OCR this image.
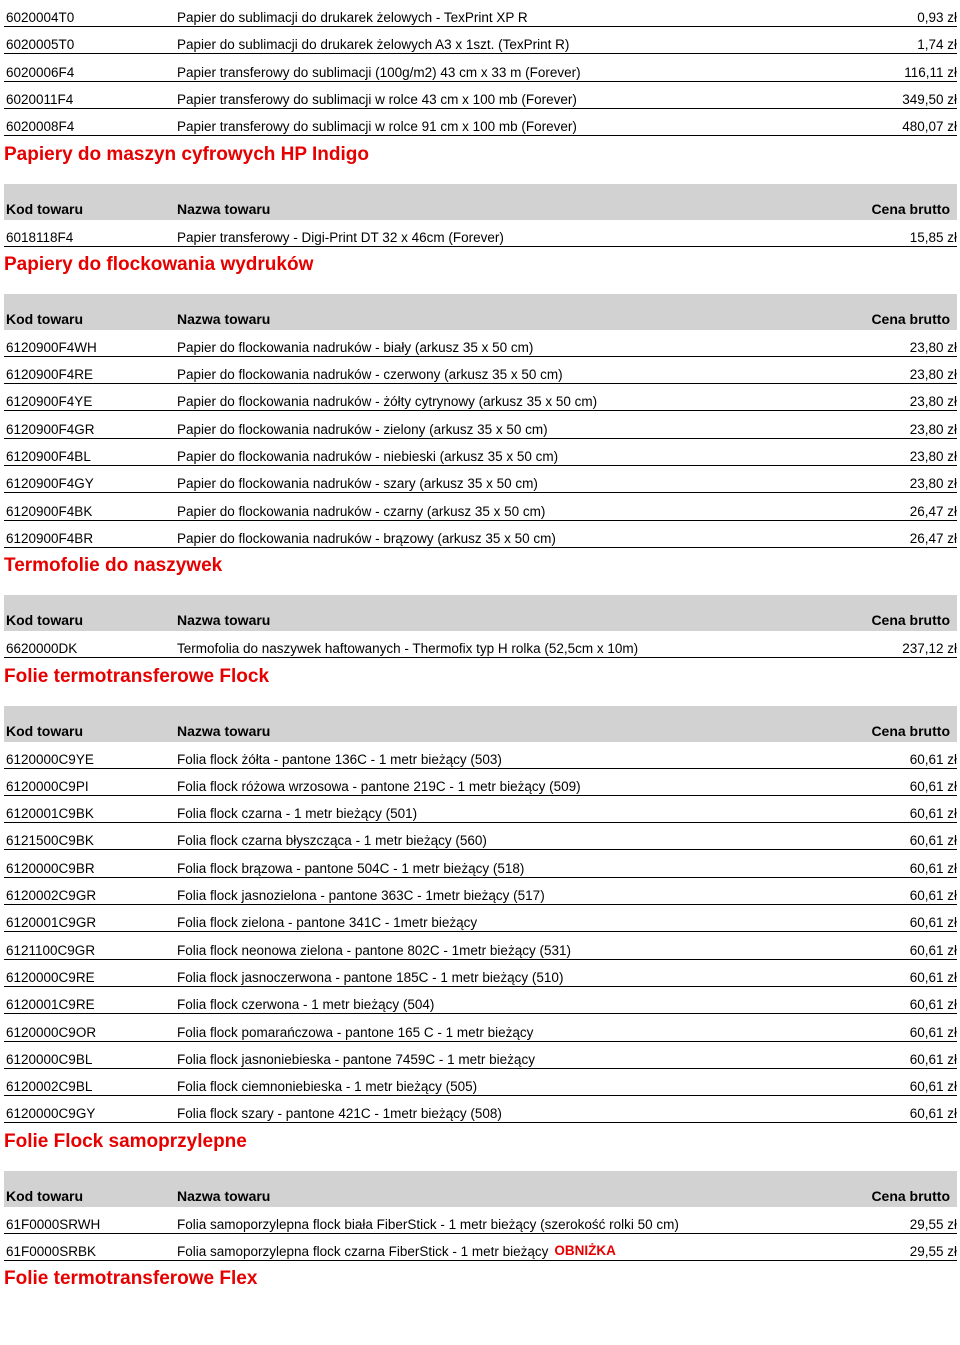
6020004T0	Papier do sublimacji do drukarek żelowych - TexPrint XP R	0,93 zł
6020005T0	Papier do sublimacji do drukarek żelowych A3 x 1szt. (TexPrint R)	1,74 zł
6020006F4	Papier transferowy do sublimacji (100g/m2) 43 cm x 33 m (Forever)	116,11 zł
6020011F4	Papier transferowy do sublimacji w rolce 43 cm x 100 mb (Forever)	349,50 zł
6020008F4	Papier transferowy do sublimacji w rolce 91 cm x 100 mb (Forever)	480,07 zł
Papiery do maszyn cyfrowych HP Indigo
Kod towaru	Nazwa towaru	Cena brutto
6018118F4	Papier transferowy - Digi-Print DT 32 x 46cm (Forever)	15,85 zł
Papiery do flockowania wydruków
Kod towaru	Nazwa towaru	Cena brutto
6120900F4WH	Papier do flockowania nadruków - biały (arkusz 35 x 50 cm)	23,80 zł
6120900F4RE	Papier do flockowania nadruków - czerwony (arkusz 35 x 50 cm)	23,80 zł
6120900F4YE	Papier do flockowania nadruków - żółty cytrynowy (arkusz 35 x 50 cm)	23,80 zł
6120900F4GR	Papier do flockowania nadruków - zielony (arkusz 35 x 50 cm)	23,80 zł
6120900F4BL	Papier do flockowania nadruków - niebieski (arkusz 35 x 50 cm)	23,80 zł
6120900F4GY	Papier do flockowania nadruków - szary (arkusz 35 x 50 cm)	23,80 zł
6120900F4BK	Papier do flockowania nadruków - czarny (arkusz 35 x 50 cm)	26,47 zł
6120900F4BR	Papier do flockowania nadruków - brązowy (arkusz 35 x 50 cm)	26,47 zł
Termofolie do naszywek
Kod towaru	Nazwa towaru	Cena brutto
6620000DK	Termofolia do naszywek haftowanych - Thermofix typ H rolka (52,5cm x 10m)	237,12 zł
Folie termotransferowe Flock
Kod towaru	Nazwa towaru	Cena brutto
6120000C9YE	Folia flock żółta - pantone 136C - 1 metr bieżący (503)	60,61 zł
6120000C9PI	Folia flock różowa wrzosowa - pantone 219C - 1 metr bieżący (509)	60,61 zł
6120001C9BK	Folia flock czarna - 1 metr bieżący (501)	60,61 zł
6121500C9BK	Folia flock czarna błyszcząca - 1 metr bieżący (560)	60,61 zł
6120000C9BR	Folia flock brązowa - pantone 504C - 1 metr bieżący (518)	60,61 zł
6120002C9GR	Folia flock jasnozielona - pantone 363C - 1metr bieżący (517)	60,61 zł
6120001C9GR	Folia flock zielona - pantone 341C - 1metr bieżący	60,61 zł
6121100C9GR	Folia flock neonowa zielona - pantone 802C - 1metr bieżący (531)	60,61 zł
6120000C9RE	Folia flock jasnoczerwona - pantone 185C - 1 metr bieżący (510)	60,61 zł
6120001C9RE	Folia flock czerwona - 1 metr bieżący (504)	60,61 zł
6120000C9OR	Folia flock pomarańczowa - pantone 165 C - 1 metr bieżący	60,61 zł
6120000C9BL	Folia flock jasnoniebieska - pantone 7459C - 1 metr bieżący	60,61 zł
6120002C9BL	Folia flock ciemnoniebieska - 1 metr bieżący (505)	60,61 zł
6120000C9GY	Folia flock szary - pantone 421C - 1metr bieżący (508)	60,61 zł
Folie Flock samoprzylepne
Kod towaru	Nazwa towaru	Cena brutto
61F0000SRWH	Folia samoporzylepna flock biała FiberStick - 1 metr bieżący (szerokość rolki 50 cm)	29,55 zł
61F0000SRBK	Folia samoporzylepna flock czarna FiberStick - 1 metr bieżący OBNIŻKA	29,55 zł
Folie termotransferowe Flex
